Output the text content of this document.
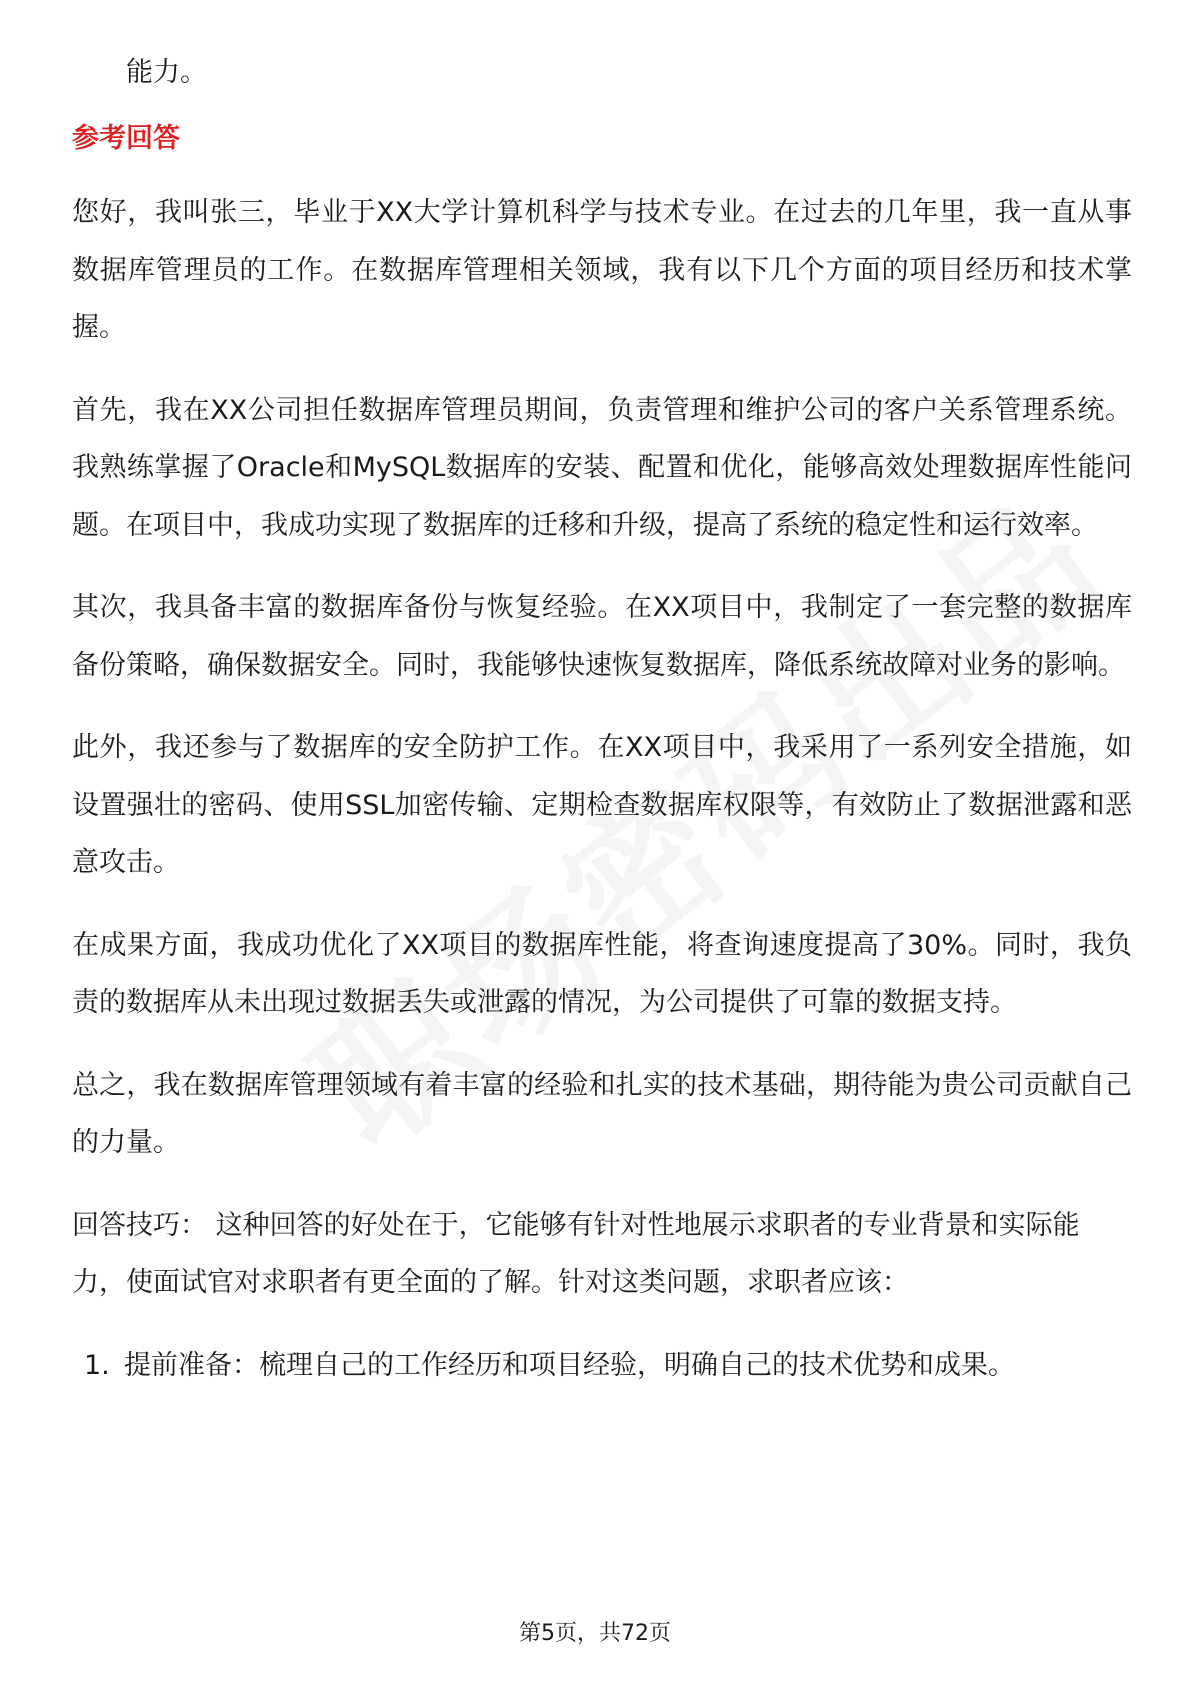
能力。

参考回答

您好，我叫张三，毕业于XX大学计算机科学与技术专业。在过去的几年里，我一直从事数据库管理员的工作。在数据库管理相关领域，我有以下几个方面的项目经历和技术掌握。

首先，我在XX公司担任数据库管理员期间，负责管理和维护公司的客户关系管理系统。我熟练掌握了Oracle和MySQL数据库的安装、配置和优化，能够高效处理数据库性能问题。在项目中，我成功实现了数据库的迁移和升级，提高了系统的稳定性和运行效率。

其次，我具备丰富的数据库备份与恢复经验。在XX项目中，我制定了一套完整的数据库备份策略，确保数据安全。同时，我能够快速恢复数据库，降低系统故障对业务的影响。

此外，我还参与了数据库的安全防护工作。在XX项目中，我采用了一系列安全措施，如设置强壮的密码、使用SSL加密传输、定期检查数据库权限等，有效防止了数据泄露和恶意攻击。

在成果方面，我成功优化了XX项目的数据库性能，将查询速度提高了30%。同时，我负责的数据库从未出现过数据丢失或泄露的情况，为公司提供了可靠的数据支持。

总之，我在数据库管理领域有着丰富的经验和扎实的技术基础，期待能为贵公司贡献自己的力量。

回答技巧： 这种回答的好处在于，它能够有针对性地展示求职者的专业背景和实际能力，使面试官对求职者有更全面的了解。针对这类问题，求职者应该：

1. 提前准备：梳理自己的工作经历和项目经验，明确自己的技术优势和成果。
第5页，共72页
